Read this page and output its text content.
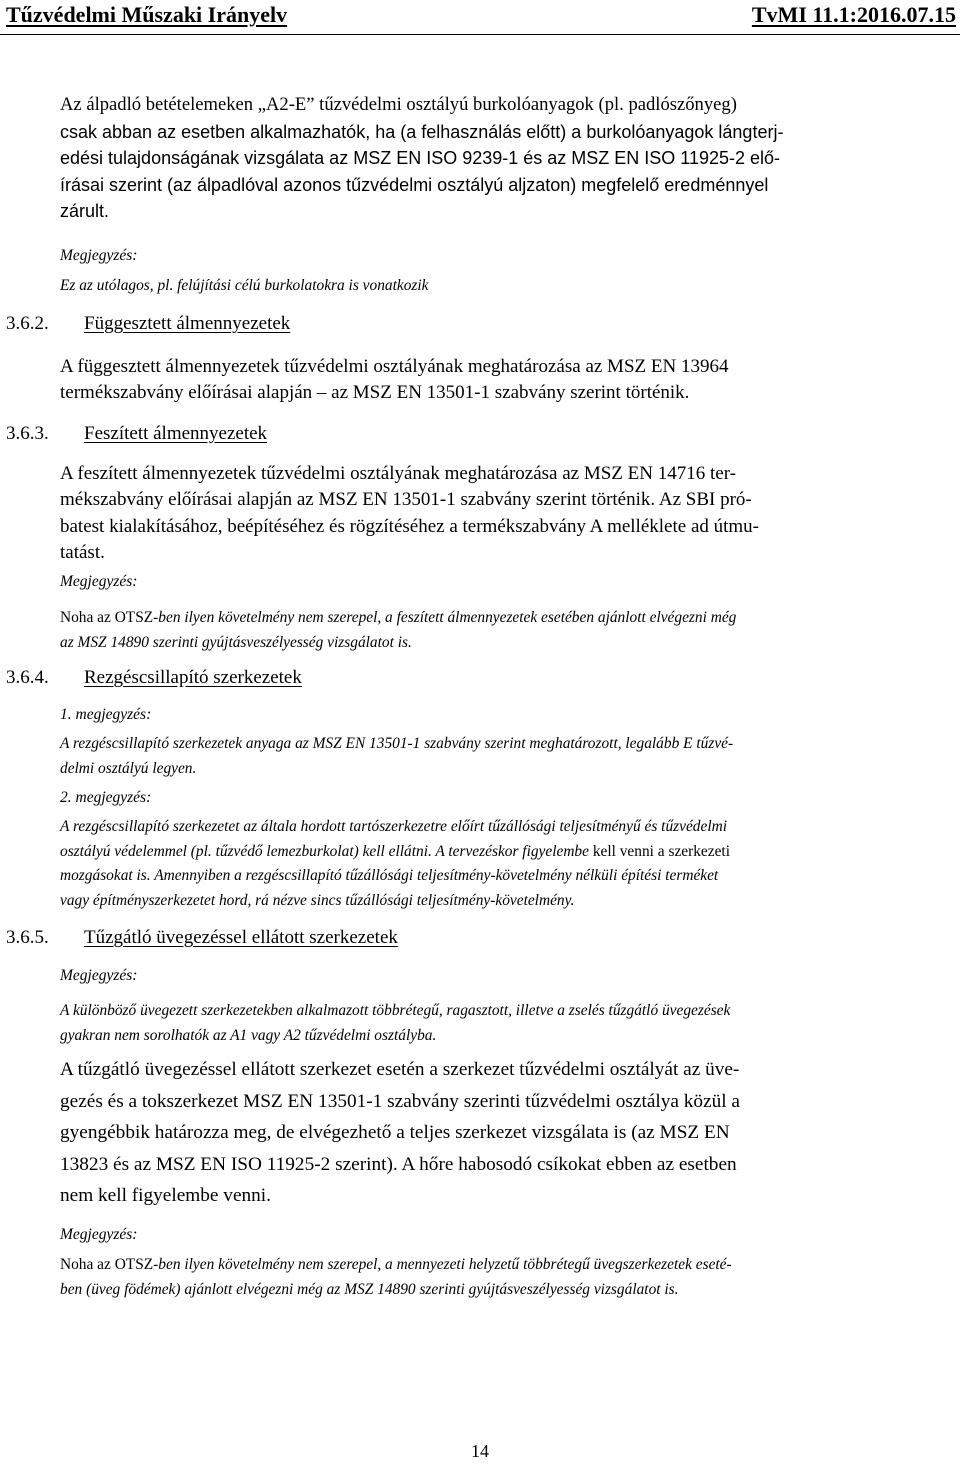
Tűzvédelmi Műszaki Irányelv	TvMI 11.1:2016.07.15
Az álpadló betételemeken „A2-E” tűzvédelmi osztályú burkolóanyagok (pl. padlószőnyeg)
csak abban az esetben alkalmazhatók, ha (a felhasználás előtt) a burkolóanyagok lángterj-
edési tulajdonságának vizsgálata az MSZ EN ISO 9239-1 és az MSZ EN ISO 11925-2 elő-
írásai szerint (az álpadlóval azonos tűzvédelmi osztályú aljzaton) megfelelő eredménnyel
zárult.
Megjegyzés:
Ez az utólagos, pl. felújítási célú burkolatokra is vonatkozik
3.6.2. Függesztett álmennyezetek
A függesztett álmennyezetek tűzvédelmi osztályának meghatározása az MSZ EN 13964
termékszabvány előírásai alapján – az MSZ EN 13501-1 szabvány szerint történik.
3.6.3. Feszített álmennyezetek
A feszített álmennyezetek tűzvédelmi osztályának meghatározása az MSZ EN 14716 ter-
mékszabvány előírásai alapján az MSZ EN 13501-1 szabvány szerint történik. Az SBI pró-
batest kialakításához, beépítéséhez és rögzítéséhez a termékszabvány A melléklete ad útmu-
tatást.
Megjegyzés:
Noha az OTSZ-ben ilyen követelmény nem szerepel, a feszített álmennyezetek esetében ajánlott elvégezni még
az MSZ 14890 szerinti gyújtásveszélyesség vizsgálatot is.
3.6.4. Rezgéscsillapító szerkezetek
1. megjegyzés:
A rezgéscsillapító szerkezetek anyaga az MSZ EN 13501-1 szabvány szerint meghatározott, legalább E tűzvé-
delmi osztályú legyen.
2. megjegyzés:
A rezgéscsillapító szerkezetet az általa hordott tartószerkezetre előírt tűzállósági teljesítményű és tűzvédelmi
osztályú védelemmel (pl. tűzvédő lemezburkolat) kell ellátni. A tervezéskor figyelembe kell venni a szerkezeti
mozgásokat is. Amennyiben a rezgéscsillapító tűzállósági teljesítmény-követelmény nélküli építési terméket
vagy építményszerkezetet hord, rá nézve sincs tűzállósági teljesítmény-követelmény.
3.6.5. Tűzgátló üvegezéssel ellátott szerkezetek
Megjegyzés:
A különböző üvegezett szerkezetekben alkalmazott többrétegű, ragasztott, illetve a zselés tűzgátló üvegezések
gyakran nem sorolhatók az A1 vagy A2 tűzvédelmi osztályba.
A tűzgátló üvegezéssel ellátott szerkezet esetén a szerkezet tűzvédelmi osztályát az üve-
gezés és a tokszerkezet MSZ EN 13501-1 szabvány szerinti tűzvédelmi osztálya közül a
gyengébbik határozza meg, de elvégezhető a teljes szerkezet vizsgálata is (az MSZ EN
13823 és az MSZ EN ISO 11925-2 szerint). A hőre habosodó csíkokat ebben az esetben
nem kell figyelembe venni.
Megjegyzés:
Noha az OTSZ-ben ilyen követelmény nem szerepel, a mennyezeti helyzetű többrétegű üvegszerkezetek eseté-
ben (üveg födémek) ajánlott elvégezni még az MSZ 14890 szerinti gyújtásveszélyesség vizsgálatot is.
14
